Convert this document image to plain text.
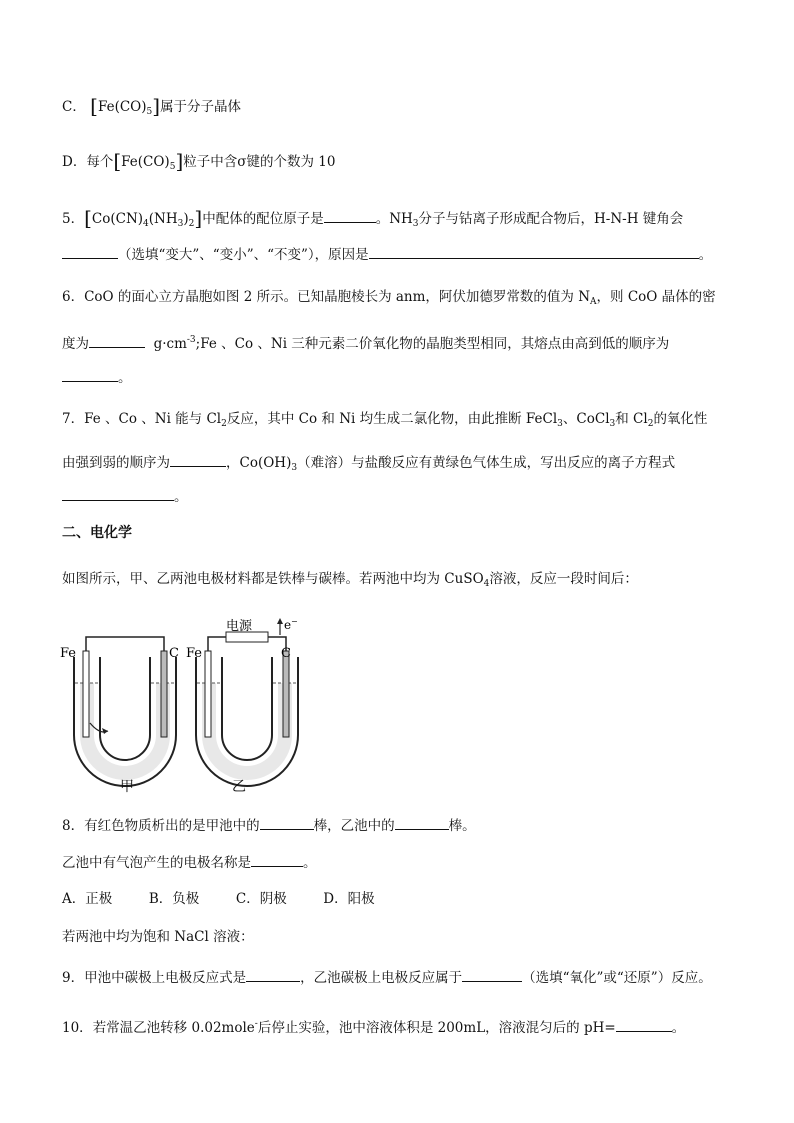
C． $[Fe(CO)_5]$属于分子晶体
D．每个$[Fe(CO)_5]$粒子中含σ键的个数为 10
5．$[Co(CN)_4(NH_3)_2]$中配体的配位原子是	。$NH_3$分子与钴离子形成配合物后，H-N-H 键角会
（选填“变大”、“变小”、“不变”），原因是	。
6．CoO 的面心立方晶胞如图 2 所示。已知晶胞棱长为 anm，阿伏加德罗常数的值为 $N_A$，则 CoO 晶体的密
度为	$g\cdot cm^{-3};Fe$ 、Co 、Ni 三种元素二价氧化物的晶胞类型相同，其熔点由高到低的顺序为
。
7．Fe 、Co 、Ni 能与 $Cl_2$反应，其中 Co 和 Ni 均生成二氯化物，由此推断 FeCl$_3$、CoCl$_3$和 $Cl_2$的氧化性
由强到弱的顺序为	，$Co(OH)_3$（难溶）与盐酸反应有黄绿色气体生成，写出反应的离子方程式
。
二、电化学
如图所示，甲、乙两池电极材料都是铁棒与碳棒。若两池中均为 CuSO$_4$溶液，反应一段时间后：
Fe	C Fe	C
电源	e −
甲	乙
8．有红色物质析出的是甲池中的	棒，乙池中的	棒。
乙池中有气泡产生的电极名称是	。
A．正极	B．负极	C．阴极	D．阳极
若两池中均为饱和 NaCl 溶液：
9．甲池中碳极上电极反应式是	，乙池碳极上电极反应属于	（选填“氧化”或“还原”）反应。
10．若常温乙池转移 0.02mole-后停止实验，池中溶液体积是 200mL，溶液混匀后的 pH=	。
